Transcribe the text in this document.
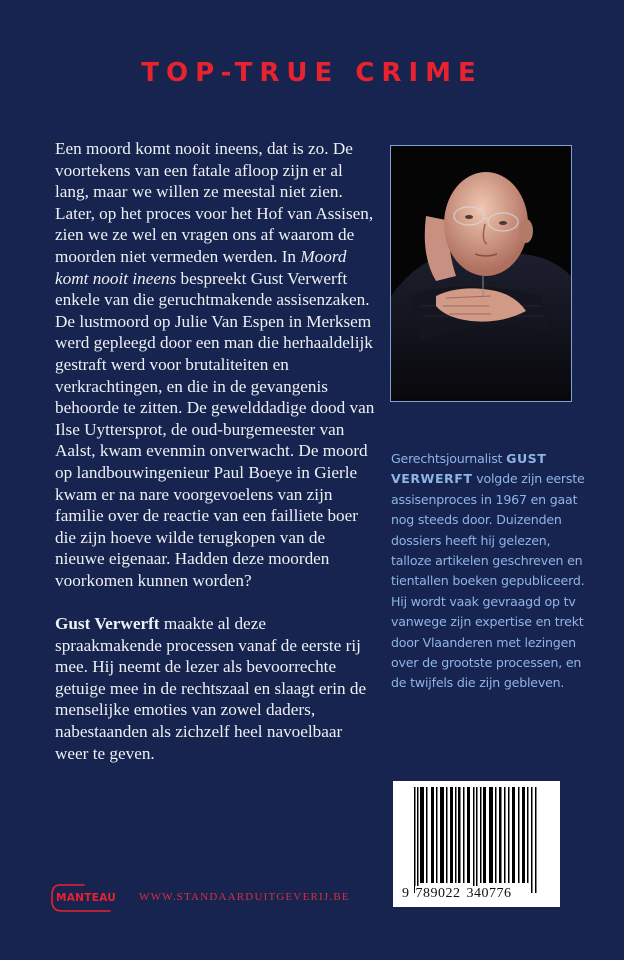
TOP-TRUE CRIME

Een moord komt nooit ineens, dat is zo. De voortekens van een fatale afloop zijn er al lang, maar we willen ze meestal niet zien. Later, op het proces voor het Hof van Assisen, zien we ze wel en vragen ons af waarom de moorden niet vermeden werden. In Moord komt nooit ineens bespreekt Gust Verwerft enkele van die geruchtmakende assisenzaken.

De lustmoord op Julie Van Espen in Merksem werd gepleegd door een man die herhaaldelijk gestraft werd voor brutaliteiten en verkrachtingen, en die in de gevangenis behoorde te zitten. De gewelddadige dood van Ilse Uyttersprot, de oud-burgemeester van Aalst, kwam evenmin onverwacht. De moord op landbouwingenieur Paul Boeye in Gierle kwam er na nare voorgevoelens van zijn familie over de reactie van een failliete boer die zijn hoeve wilde terugkopen van de nieuwe eigenaar. Hadden deze moorden voorkomen kunnen worden?

Gust Verwerft maakte al deze spraakmakende processen vanaf de eerste rij mee. Hij neemt de lezer als bevoorrechte getuige mee in de rechtszaal en slaagt erin de menselijke emoties van zowel daders, nabestaanden als zichzelf heel navoelbaar weer te geven.

Gerechtsjournalist GUST VERWERFT volgde zijn eerste assisenproces in 1967 en gaat nog steeds door. Duizenden dossiers heeft hij gelezen, talloze artikelen geschreven en tientallen boeken gepubliceerd. Hij wordt vaak gevraagd op tv vanwege zijn expertise en trekt door Vlaanderen met lezingen over de grootste processen, en de twijfels die zijn gebleven.
9 789022 340776
MANTEAU WWW.STANDAARDUITGEVERIJ.BE
